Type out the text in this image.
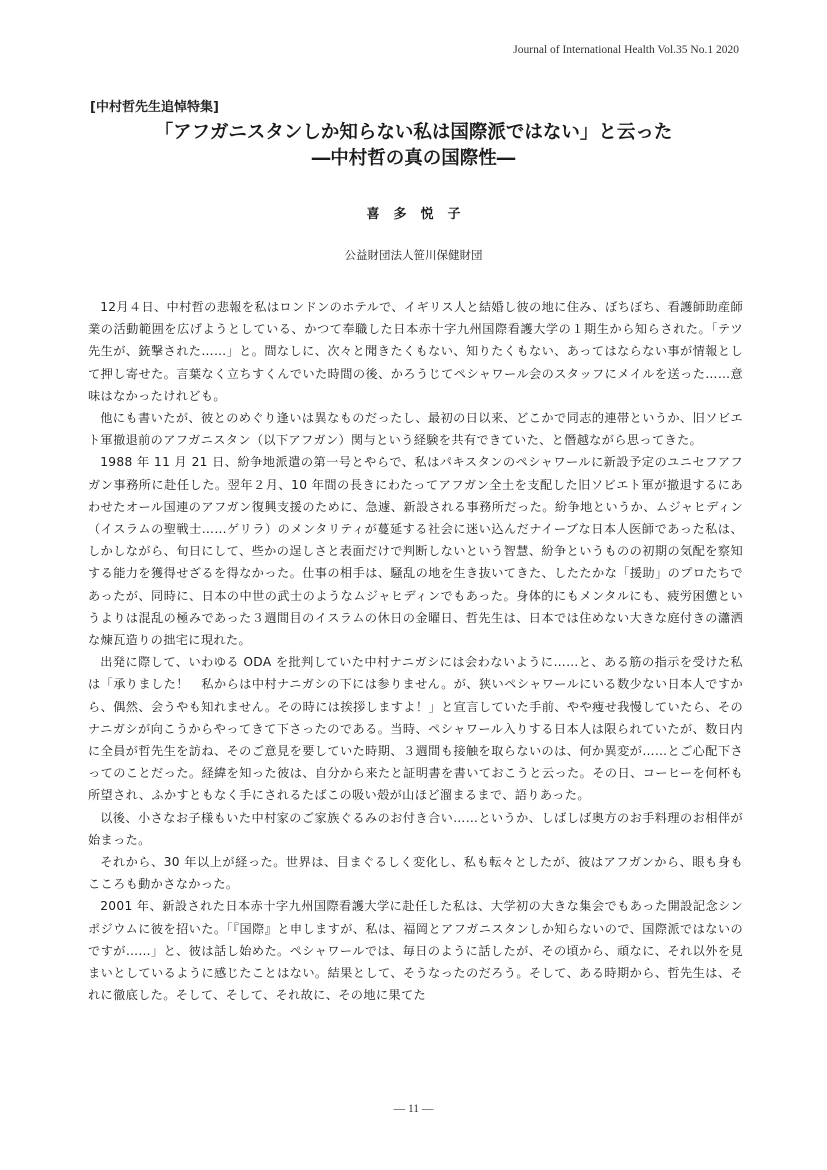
Journal of International Health Vol.35 No.1 2020
[中村哲先生追悼特集]
「アフガニスタンしか知らない私は国際派ではない」と云った
―中村哲の真の国際性―
喜多悦子
公益財団法人笹川保健財団

12月４日、中村哲の悲報を私はロンドンのホテルで、イギリス人と結婚し彼の地に住み、ぼちぼち、看護師助産師業の活動範囲を広げようとしている、かつて奉職した日本赤十字九州国際看護大学の１期生から知らされた。「テツ先生が、銃撃された……」と。間なしに、次々と聞きたくもない、知りたくもない、あってはならない事が情報として押し寄せた。言葉なく立ちすくんでいた時間の後、かろうじてペシャワール会のスタッフにメイルを送った……意味はなかったけれども。

他にも書いたが、彼とのめぐり逢いは異なものだったし、最初の日以来、どこかで同志的連帯というか、旧ソビエト軍撤退前のアフガニスタン（以下アフガン）関与という経験を共有できていた、と僭越ながら思ってきた。

1988 年 11 月 21 日、紛争地派遣の第一号とやらで、私はパキスタンのペシャワールに新設予定のユニセフアフガン事務所に赴任した。翌年２月、10 年間の長きにわたってアフガン全土を支配した旧ソビエト軍が撤退するにあわせたオール国連のアフガン復興支援のために、急遽、新設される事務所だった。紛争地というか、ムジャヒディン（イスラムの聖戦士……ゲリラ）のメンタリティが蔓延する社会に迷い込んだナイーブな日本人医師であった私は、しかしながら、旬日にして、些かの逞しさと表面だけで判断しないという智慧、紛争というものの初期の気配を察知する能力を獲得せざるを得なかった。仕事の相手は、騒乱の地を生き抜いてきた、したたかな「援助」のプロたちであったが、同時に、日本の中世の武士のようなムジャヒディンでもあった。身体的にもメンタルにも、疲労困憊というよりは混乱の極みであった３週間目のイスラムの休日の金曜日、哲先生は、日本では住めない大きな庭付きの瀟洒な煉瓦造りの拙宅に現れた。

出発に際して、いわゆる ODA を批判していた中村ナニガシには会わないように……と、ある筋の指示を受けた私は「承りました！　私からは中村ナニガシの下には参りません。が、狭いペシャワールにいる数少ない日本人ですから、偶然、会うやも知れません。その時には挨拶しますよ！」と宣言していた手前、やや痩せ我慢していたら、そのナニガシが向こうからやってきて下さったのである。当時、ペシャワール入りする日本人は限られていたが、数日内に全員が哲先生を訪ね、そのご意見を要していた時期、３週間も接触を取らないのは、何か異変が……とご心配下さってのことだった。経緯を知った彼は、自分から来たと証明書を書いておこうと云った。その日、コーヒーを何杯も所望され、ふかすともなく手にされるたばこの吸い殻が山ほど溜まるまで、語りあった。

以後、小さなお子様もいた中村家のご家族ぐるみのお付き合い……というか、しばしば奥方のお手料理のお相伴が始まった。

それから、30 年以上が経った。世界は、目まぐるしく変化し、私も転々としたが、彼はアフガンから、眼も身もこころも動かさなかった。

2001 年、新設された日本赤十字九州国際看護大学に赴任した私は、大学初の大きな集会でもあった開設記念シンポジウムに彼を招いた。「『国際』と申しますが、私は、福岡とアフガニスタンしか知らないので、国際派ではないのですが……」と、彼は話し始めた。ペシャワールでは、毎日のように話したが、その頃から、頑なに、それ以外を見まいとしているように感じたことはない。結果として、そうなったのだろう。そして、ある時期から、哲先生は、それに徹底した。そして、そして、それ故に、その地に果てた

― 11 ―
